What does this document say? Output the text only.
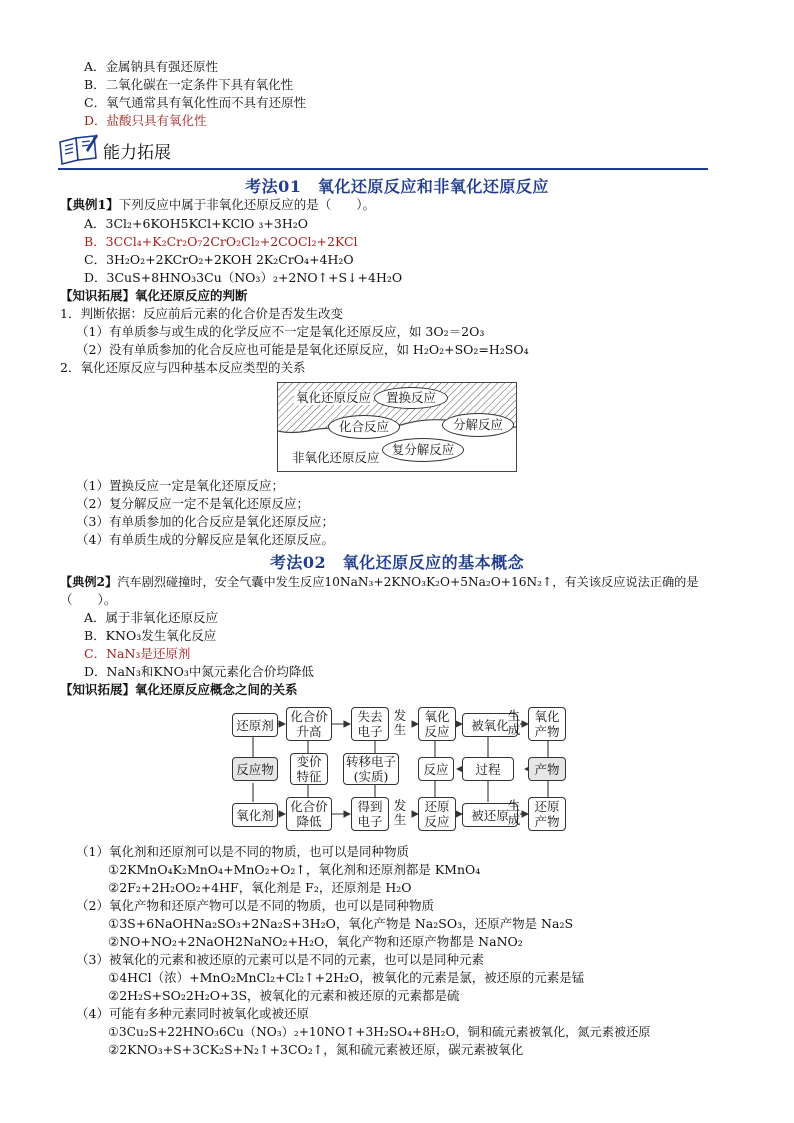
A．金属钠具有强还原性
B．二氧化碳在一定条件下具有氧化性
C．氧气通常具有氧化性而不具有还原性
D．盐酸只具有氧化性
能力拓展
考法01　氧化还原反应和非氧化还原反应
【典例1】下列反应中属于非氧化还原反应的是（　　）。
A．3Cl₂+6KOH5KCl+KClO ₃+3H₂O
B．3CCl₄+K₂Cr₂O₇2CrO₂Cl₂+2COCl₂+2KCl
C．3H₂O₂+2KCrO₂+2KOH 2K₂CrO₄+4H₂O
D．3CuS+8HNO₃3Cu（NO₃）₂+2NO↑+S↓+4H₂O
【知识拓展】氧化还原反应的判断
1．判断依据：反应前后元素的化合价是否发生改变
（1）有单质参与或生成的化学反应不一定是氧化还原反应，如 3O₂＝2O₃
（2）没有单质参加的化合反应也可能是是氧化还原反应，如 H₂O₂+SO₂=H₂SO₄
2．氧化还原反应与四种基本反应类型的关系
氧化还原反应	置换反应
化合反应	分解反应
复分解反应
非氧化还原反应
（1）置换反应一定是氧化还原反应；
（2）复分解反应一定不是氧化还原反应；
（3）有单质参加的化合反应是氧化还原反应；
（4）有单质生成的分解反应是氧化还原反应。
考法02　氧化还原反应的基本概念
【典例2】汽车剧烈碰撞时，安全气囊中发生反应10NaN₃+2KNO₃K₂O+5Na₂O+16N₂↑，有关该反应说法正确的是
（　　）。
A．属于非氧化还原反应
B．KNO₃发生氧化反应
C．NaN₃是还原剂
D．NaN₃和KNO₃中氮元素化合价均降低
【知识拓展】氧化还原反应概念之间的关系
还原剂
化合价升高
失去电子
发生
氧化反应	被氧化
生成
氧化产物
反应物	变价特征
转移电子(实质)	反应	过程	产物
氧化剂
化合价降低
得到电子
发生
还原反应	被还原
生成
还原产物
（1）氧化剂和还原剂可以是不同的物质，也可以是同种物质
①2KMnO₄K₂MnO₄+MnO₂+O₂↑，氧化剂和还原剂都是 KMnO₄
②2F₂+2H₂OO₂+4HF，氧化剂是 F₂，还原剂是 H₂O
（2）氧化产物和还原产物可以是不同的物质，也可以是同种物质
①3S+6NaOHNa₂SO₃+2Na₂S+3H₂O，氧化产物是 Na₂SO₃，还原产物是 Na₂S
②NO+NO₂+2NaOH2NaNO₂+H₂O，氧化产物和还原产物都是 NaNO₂
（3）被氧化的元素和被还原的元素可以是不同的元素，也可以是同种元素
①4HCl（浓）+MnO₂MnCl₂+Cl₂↑+2H₂O，被氧化的元素是氯，被还原的元素是锰
②2H₂S+SO₂2H₂O+3S，被氧化的元素和被还原的元素都是硫
（4）可能有多种元素同时被氧化或被还原
①3Cu₂S+22HNO₃6Cu（NO₃）₂+10NO↑+3H₂SO₄+8H₂O，铜和硫元素被氧化，氮元素被还原
②2KNO₃+S+3CK₂S+N₂↑+3CO₂↑，氮和硫元素被还原，碳元素被氧化
